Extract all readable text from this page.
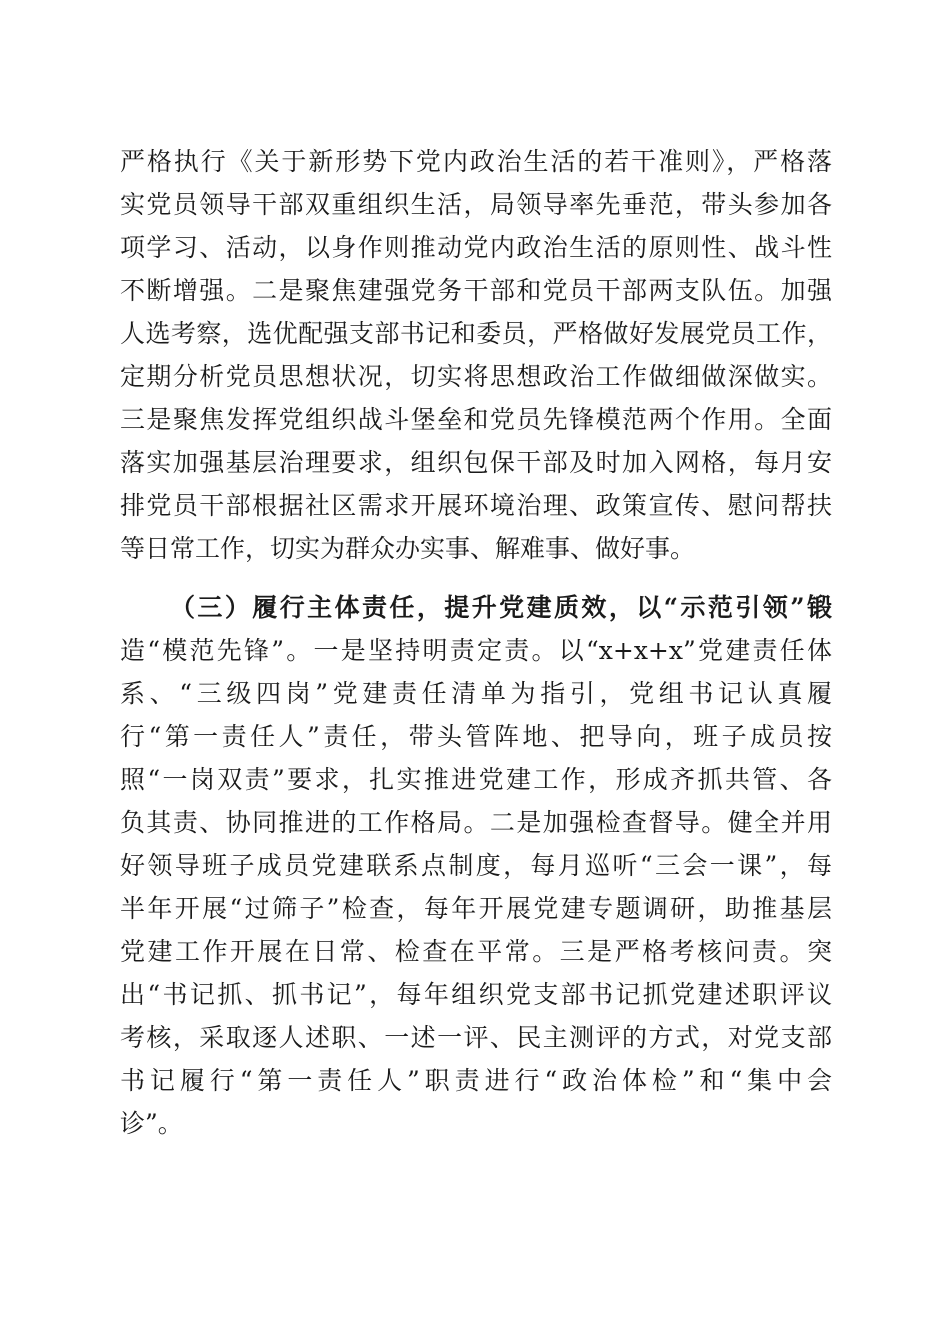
严格执行《关于新形势下党内政治生活的若干准则》，严格落
实党员领导干部双重组织生活，局领导率先垂范，带头参加各
项学习、活动，以身作则推动党内政治生活的原则性、战斗性
不断增强。二是聚焦建强党务干部和党员干部两支队伍。加强
人选考察，选优配强支部书记和委员，严格做好发展党员工作，
定期分析党员思想状况，切实将思想政治工作做细做深做实。
三是聚焦发挥党组织战斗堡垒和党员先锋模范两个作用。全面
落实加强基层治理要求，组织包保干部及时加入网格，每月安
排党员干部根据社区需求开展环境治理、政策宣传、慰问帮扶
等日常工作，切实为群众办实事、解难事、做好事。
（三）履行主体责任，提升党建质效，以“示范引领”锻
造“模范先锋”。一是坚持明责定责。以“x+x+x”党建责任体
系、“三级四岗”党建责任清单为指引，党组书记认真履
行“第一责任人”责任，带头管阵地、把导向，班子成员按
照“一岗双责”要求，扎实推进党建工作，形成齐抓共管、各
负其责、协同推进的工作格局。二是加强检查督导。健全并用
好领导班子成员党建联系点制度，每月巡听“三会一课”，每
半年开展“过筛子”检查，每年开展党建专题调研，助推基层
党建工作开展在日常、检查在平常。三是严格考核问责。突
出“书记抓、抓书记”，每年组织党支部书记抓党建述职评议
考核，采取逐人述职、一述一评、民主测评的方式，对党支部
书记履行“第一责任人”职责进行“政治体检”和“集中会
诊”。
